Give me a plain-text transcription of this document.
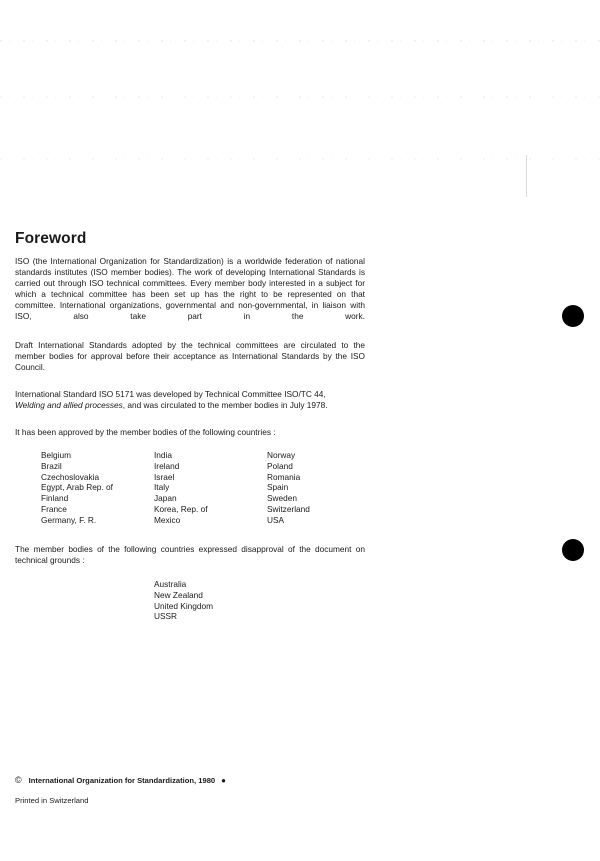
Foreword

ISO (the International Organization for Standardization) is a worldwide federation of national standards institutes (ISO member bodies). The work of developing International Standards is carried out through ISO technical committees. Every member body interested in a subject for which a technical committee has been set up has the right to be represented on that committee. International organizations, governmental and non-governmental, in liaison with ISO, also take part in the work.

Draft International Standards adopted by the technical committees are circulated to the member bodies for approval before their acceptance as International Standards by the ISO Council.

International Standard ISO 5171 was developed by Technical Committee ISO/TC 44,
Welding and allied processes, and was circulated to the member bodies in July 1978.

It has been approved by the member bodies of the following countries :

Belgium
Brazil
Czechoslovakia
Egypt, Arab Rep. of
Finland
France
Germany, F. R.
India
Ireland
Israel
Italy
Japan
Korea, Rep. of
Mexico
Norway
Poland
Romania
Spain
Sweden
Switzerland
USA

The member bodies of the following countries expressed disapproval of the document on technical grounds :

Australia
New Zealand
United Kingdom
USSR
© International Organization for Standardization, 1980 ●
Printed in Switzerland
